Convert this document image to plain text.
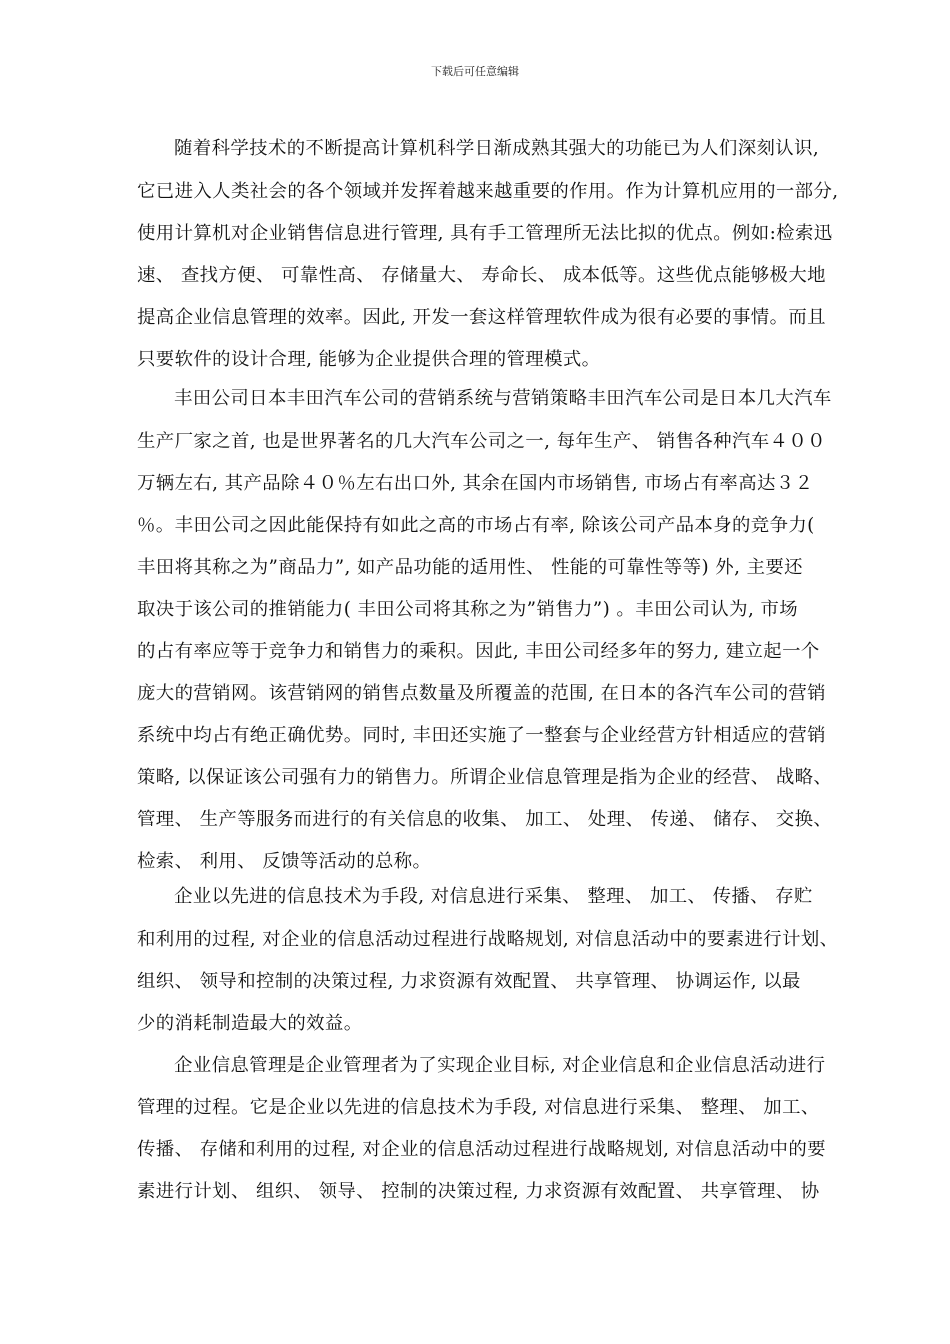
下载后可任意编辑
随着科学技术的不断提高计算机科学日渐成熟其强大的功能已为人们深刻认识,
它已进入人类社会的各个领域并发挥着越来越重要的作用。作为计算机应用的一部分,
使用计算机对企业销售信息进行管理, 具有手工管理所无法比拟的优点。例如:检索迅
速、 查找方便、 可靠性高、 存储量大、 寿命长、 成本低等。这些优点能够极大地
提高企业信息管理的效率。因此, 开发一套这样管理软件成为很有必要的事情。而且
只要软件的设计合理, 能够为企业提供合理的管理模式。
丰田公司日本丰田汽车公司的营销系统与营销策略丰田汽车公司是日本几大汽车
生产厂家之首, 也是世界著名的几大汽车公司之一, 每年生产、 销售各种汽车４００
万辆左右, 其产品除４０％左右出口外, 其余在国内市场销售, 市场占有率高达３２
％。丰田公司之因此能保持有如此之高的市场占有率, 除该公司产品本身的竞争力(
丰田将其称之为”商品力”, 如产品功能的适用性、 性能的可靠性等等) 外, 主要还
取决于该公司的推销能力( 丰田公司将其称之为”销售力”) 。丰田公司认为, 市场
的占有率应等于竞争力和销售力的乘积。因此, 丰田公司经多年的努力, 建立起一个
庞大的营销网。该营销网的销售点数量及所覆盖的范围, 在日本的各汽车公司的营销
系统中均占有绝正确优势。同时, 丰田还实施了一整套与企业经营方针相适应的营销
策略, 以保证该公司强有力的销售力。所谓企业信息管理是指为企业的经营、 战略、
管理、 生产等服务而进行的有关信息的收集、 加工、 处理、 传递、 储存、 交换、
检索、 利用、 反馈等活动的总称。
企业以先进的信息技术为手段, 对信息进行采集、 整理、 加工、 传播、 存贮
和利用的过程, 对企业的信息活动过程进行战略规划, 对信息活动中的要素进行计划、
组织、 领导和控制的决策过程, 力求资源有效配置、 共享管理、 协调运作, 以最
少的消耗制造最大的效益。
企业信息管理是企业管理者为了实现企业目标, 对企业信息和企业信息活动进行
管理的过程。它是企业以先进的信息技术为手段, 对信息进行采集、 整理、 加工、
传播、 存储和利用的过程, 对企业的信息活动过程进行战略规划, 对信息活动中的要
素进行计划、 组织、 领导、 控制的决策过程, 力求资源有效配置、 共享管理、 协
